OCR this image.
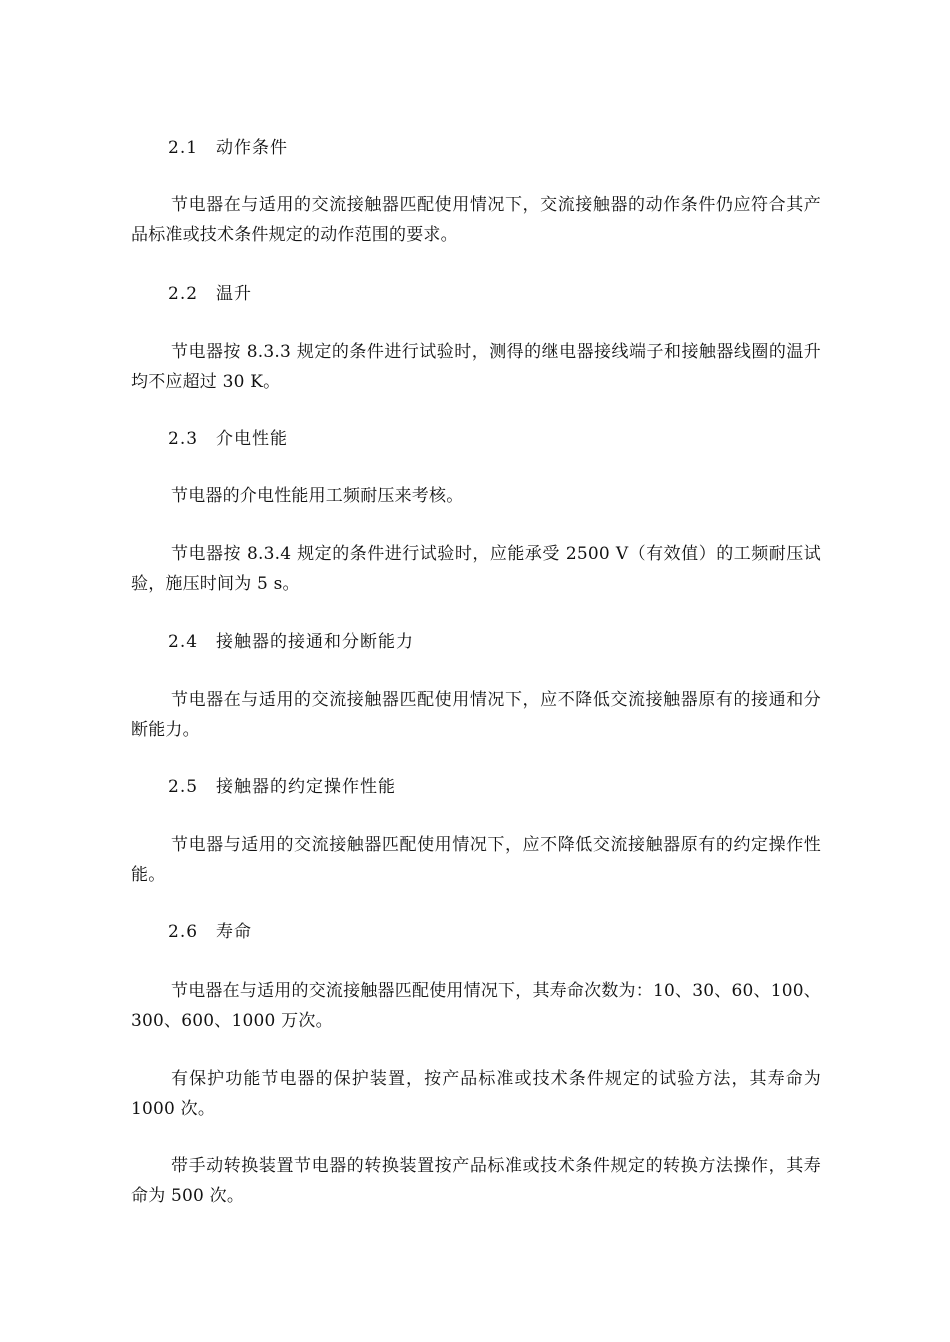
2.1 动作条件
节电器在与适用的交流接触器匹配使用情况下，交流接触器的动作条件仍应符合其产品标准或技术条件规定的动作范围的要求。
2.2 温升
节电器按 8.3.3 规定的条件进行试验时，测得的继电器接线端子和接触器线圈的温升均不应超过 30 K。
2.3 介电性能
节电器的介电性能用工频耐压来考核。
节电器按 8.3.4 规定的条件进行试验时，应能承受 2500 V（有效值）的工频耐压试验，施压时间为 5 s。
2.4 接触器的接通和分断能力
节电器在与适用的交流接触器匹配使用情况下，应不降低交流接触器原有的接通和分断能力。
2.5 接触器的约定操作性能
节电器与适用的交流接触器匹配使用情况下，应不降低交流接触器原有的约定操作性能。
2.6 寿命
节电器在与适用的交流接触器匹配使用情况下，其寿命次数为：10、30、60、100、300、600、1000 万次。
有保护功能节电器的保护装置，按产品标准或技术条件规定的试验方法，其寿命为 1000 次。
带手动转换装置节电器的转换装置按产品标准或技术条件规定的转换方法操作，其寿命为 500 次。
